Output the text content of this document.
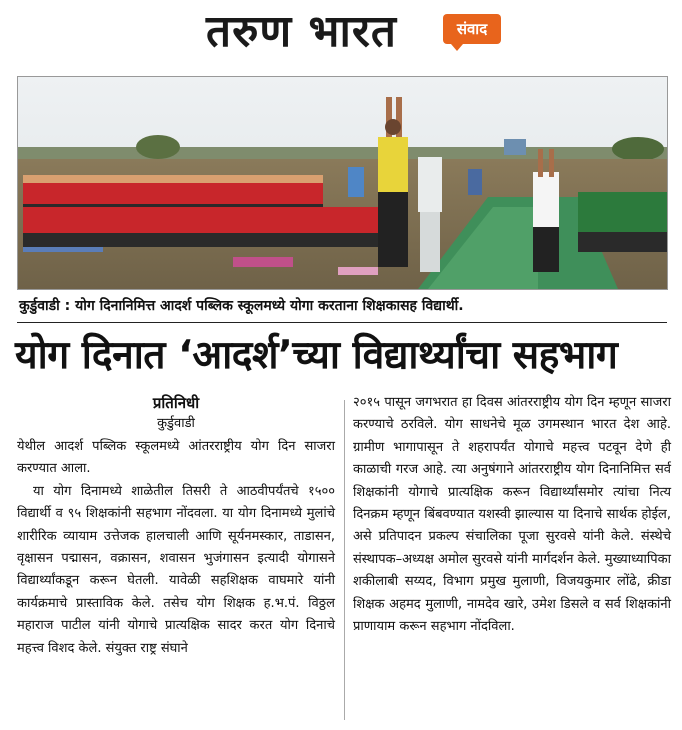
तरुण भारत	संवाद
कुर्डुवाडी : योग दिनानिमित्त आदर्श पब्लिक स्कूलमध्ये योगा करताना शिक्षकासह विद्यार्थी.
योग दिनात ‘आदर्श’च्या विद्यार्थ्यांचा सहभाग

प्रतिनिधी

कुर्डुवाडी

येथील आदर्श पब्लिक स्कूलमध्ये आंतरराष्ट्रीय योग दिन साजरा करण्यात आला.

या योग दिनामध्ये शाळेतील तिसरी ते आठवीपर्यंतचे १५०० विद्यार्थी व ९५ शिक्षकांनी सहभाग नोंदवला. या योग दिनामध्ये मुलांचे शारीरिक व्यायाम उत्तेजक हालचाली आणि सूर्यनमस्कार, ताडासन, वृक्षासन पद्मासन, वक्रासन, शवासन भुजंगासन इत्यादी योगासने विद्यार्थ्यांकडून करून घेतली. यावेळी सहशिक्षक वाघमारे यांनी कार्यक्रमाचे प्रास्ताविक केले. तसेच योग शिक्षक ह.भ.पं. विठ्ठल महाराज पाटील यांनी योगाचे प्रात्यक्षिक सादर करत योग दिनाचे महत्त्व विशद केले. संयुक्त राष्ट्र संघाने

२०१५ पासून जगभरात हा दिवस आंतरराष्ट्रीय योग दिन म्हणून साजरा करण्याचे ठरविले. योग साधनेचे मूळ उगमस्थान भारत देश आहे. ग्रामीण भागापासून ते शहरापर्यंत योगाचे महत्त्व पटवून देणे ही काळाची गरज आहे. त्या अनुषंगाने आंतरराष्ट्रीय योग दिनानिमित्त सर्व शिक्षकांनी योगाचे प्रात्यक्षिक करून विद्यार्थ्यांसमोर त्यांचा नित्य दिनक्रम म्हणून बिंबवण्यात यशस्वी झाल्यास या दिनाचे सार्थक होईल, असे प्रतिपादन प्रकल्प संचालिका पूजा सुरवसे यांनी केले. संस्थेचे संस्थापक–अध्यक्ष अमोल सुरवसे यांनी मार्गदर्शन केले. मुख्याध्यापिका शकीलाबी सय्यद, विभाग प्रमुख मुलाणी, विजयकुमार लोंढे, क्रीडा शिक्षक अहमद मुलाणी, नामदेव खारे, उमेश डिसले व सर्व शिक्षकांनी प्राणायाम करून सहभाग नोंदविला.
